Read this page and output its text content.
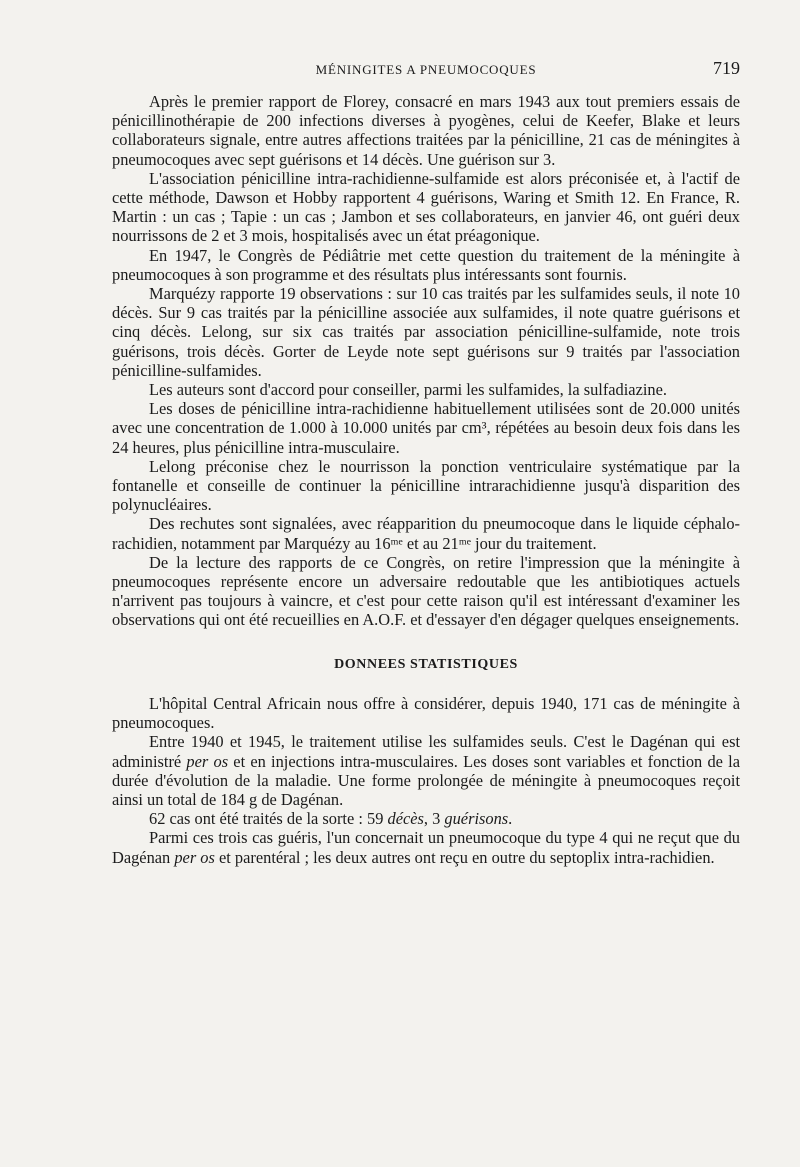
MÉNINGITES A PNEUMOCOQUES	719

Après le premier rapport de Florey, consacré en mars 1943 aux tout premiers essais de pénicillinothérapie de 200 infections diverses à pyogènes, celui de Keefer, Blake et leurs collaborateurs signale, entre autres affections traitées par la pénicilline, 21 cas de méningites à pneumocoques avec sept guérisons et 14 décès. Une guérison sur 3.

L'association pénicilline intra-rachidienne-sulfamide est alors préconisée et, à l'actif de cette méthode, Dawson et Hobby rapportent 4 guérisons, Waring et Smith 12. En France, R. Martin : un cas ; Tapie : un cas ; Jambon et ses collaborateurs, en janvier 46, ont guéri deux nourrissons de 2 et 3 mois, hospitalisés avec un état préagonique.

En 1947, le Congrès de Pédiâtrie met cette question du traitement de la méningite à pneumocoques à son programme et des résultats plus intéressants sont fournis.

Marquézy rapporte 19 observations : sur 10 cas traités par les sulfamides seuls, il note 10 décès. Sur 9 cas traités par la pénicilline associée aux sulfamides, il note quatre guérisons et cinq décès. Lelong, sur six cas traités par association pénicilline-sulfamide, note trois guérisons, trois décès. Gorter de Leyde note sept guérisons sur 9 traités par l'association pénicilline-sulfamides.

Les auteurs sont d'accord pour conseiller, parmi les sulfamides, la sulfadiazine.

Les doses de pénicilline intra-rachidienne habituellement utilisées sont de 20.000 unités avec une concentration de 1.000 à 10.000 unités par cm³, répétées au besoin deux fois dans les 24 heures, plus pénicilline intra-musculaire.

Lelong préconise chez le nourrisson la ponction ventriculaire systématique par la fontanelle et conseille de continuer la pénicilline intrarachidienne jusqu'à disparition des polynucléaires.

Des rechutes sont signalées, avec réapparition du pneumocoque dans le liquide céphalo-rachidien, notamment par Marquézy au 16ᵐᵉ et au 21ᵐᵉ jour du traitement.

De la lecture des rapports de ce Congrès, on retire l'impression que la méningite à pneumocoques représente encore un adversaire redoutable que les antibiotiques actuels n'arrivent pas toujours à vaincre, et c'est pour cette raison qu'il est intéressant d'examiner les observations qui ont été recueillies en A.O.F. et d'essayer d'en dégager quelques enseignements.

DONNEES STATISTIQUES

L'hôpital Central Africain nous offre à considérer, depuis 1940, 171 cas de méningite à pneumocoques.

Entre 1940 et 1945, le traitement utilise les sulfamides seuls. C'est le Dagénan qui est administré per os et en injections intra-musculaires. Les doses sont variables et fonction de la durée d'évolution de la maladie. Une forme prolongée de méningite à pneumocoques reçoit ainsi un total de 184 g de Dagénan.

62 cas ont été traités de la sorte : 59 décès, 3 guérisons.

Parmi ces trois cas guéris, l'un concernait un pneumocoque du type 4 qui ne reçut que du Dagénan per os et parentéral ; les deux autres ont reçu en outre du septoplix intra-rachidien.
